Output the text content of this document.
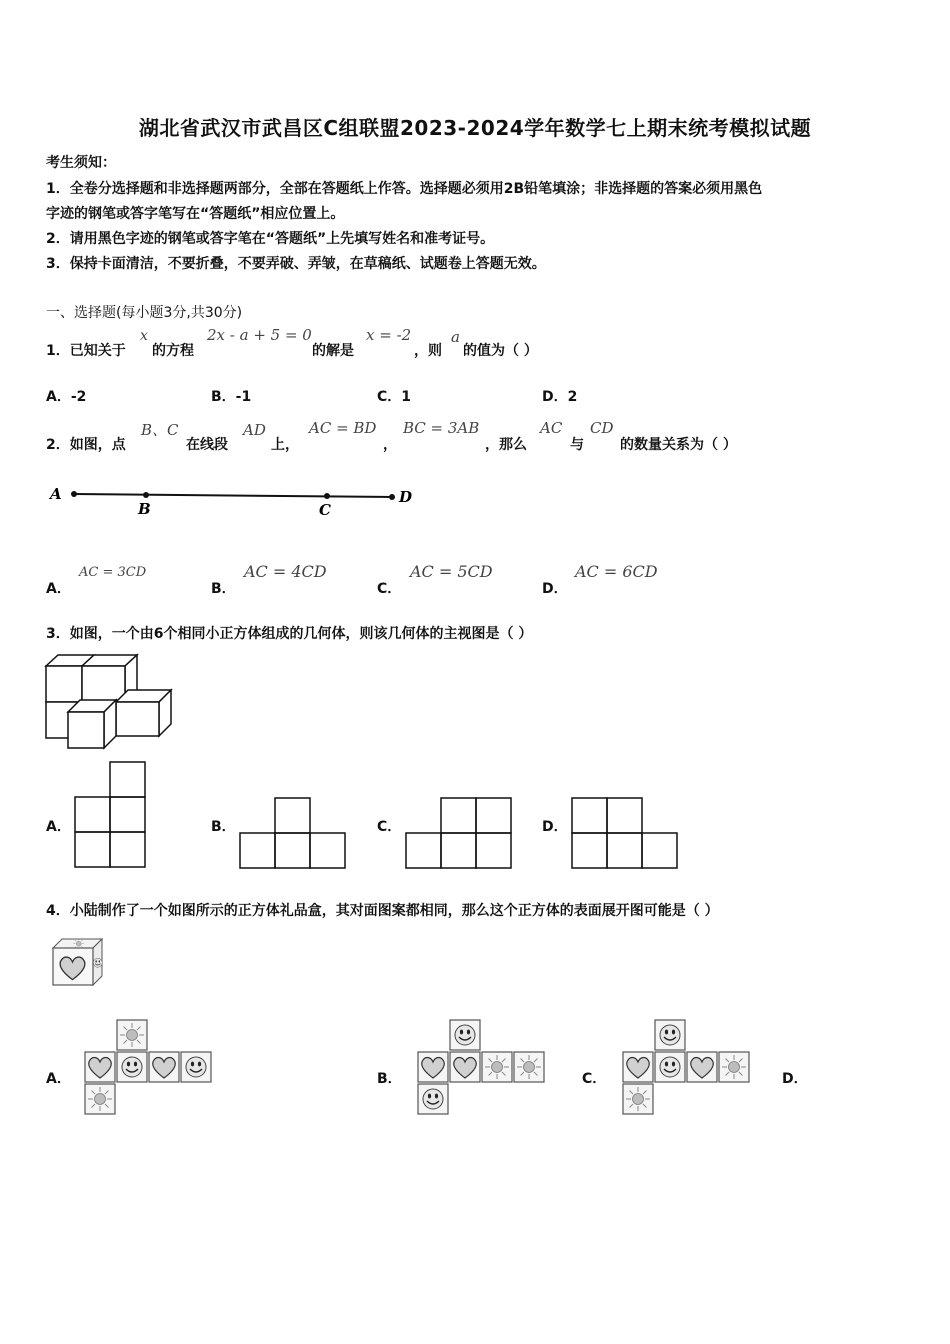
湖北省武汉市武昌区C组联盟2023-2024学年数学七上期末统考模拟试题
考生须知：
1．全卷分选择题和非选择题两部分，全部在答题纸上作答。选择题必须用2B铅笔填涂；非选择题的答案必须用黑色
字迹的钢笔或答字笔写在“答题纸”相应位置上。
2．请用黑色字迹的钢笔或答字笔在“答题纸”上先填写姓名和准考证号。
3．保持卡面清洁，不要折叠，不要弄破、弄皱，在草稿纸、试题卷上答题无效。
一、选择题(每小题3分,共30分)
1．已知关于
x
的方程
2x - a + 5 = 0
的解是
x = -2
，则
a
的值为（ ）
A．-2	B．-1	C．1	D．2
2．如图，点
B、C
在线段
AD
上，
AC = BD
，
BC = 3AB
，那么
AC
与
CD
的数量关系为（ ）
A
B	C
D
A．
AC = 3CD
B．
AC = 4CD
C．
AC = 5CD
D．
AC = 6CD
3．如图，一个由6个相同小正方体组成的几何体，则该几何体的主视图是（ ）
A．	B．	C．	D．
4．小陆制作了一个如图所示的正方体礼品盒，其对面图案都相同，那么这个正方体的表面展开图可能是（ ）
A．	B．	C．	D．
